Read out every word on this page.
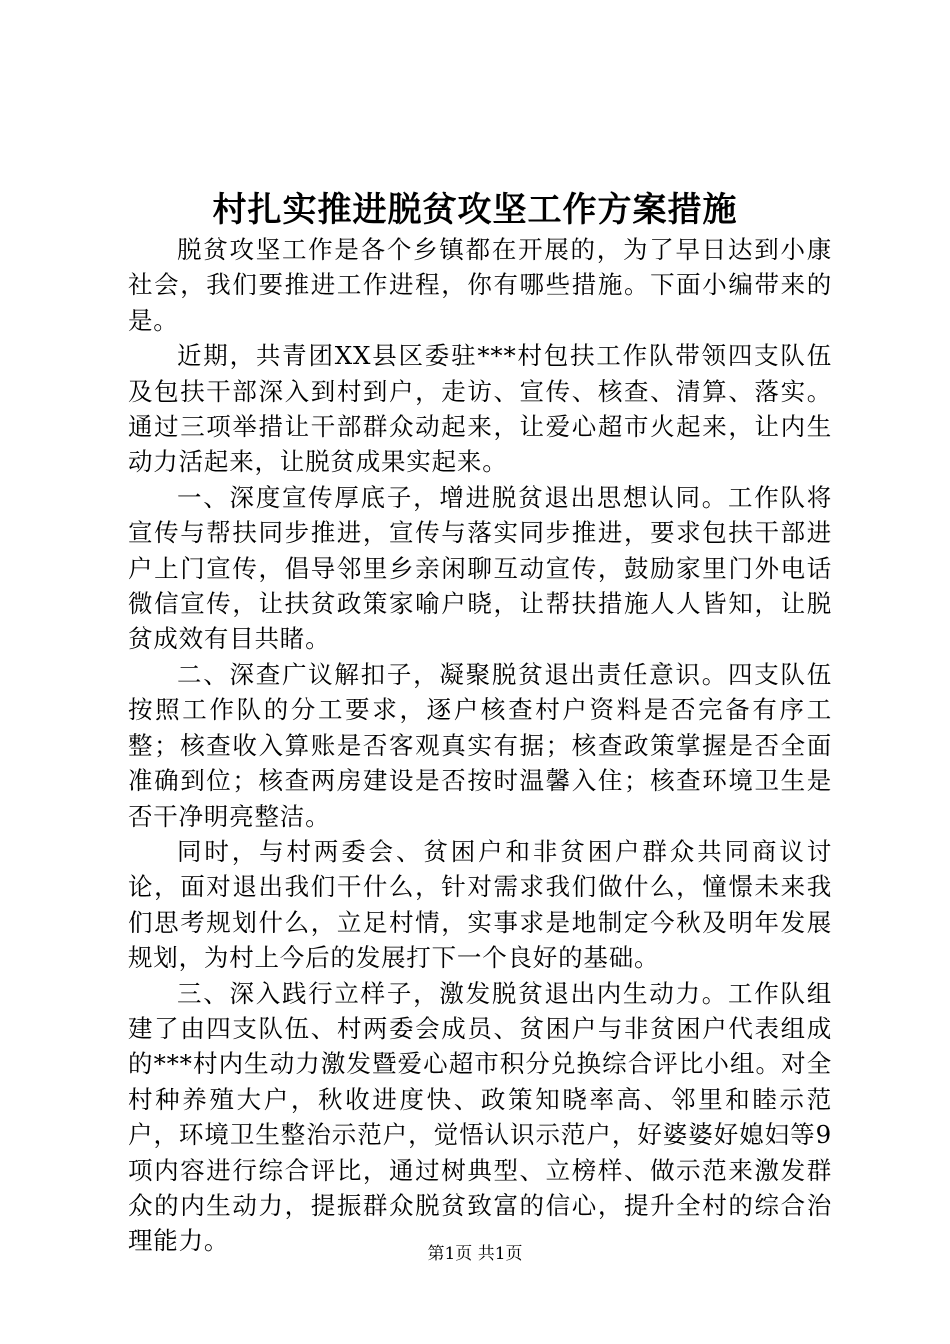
村扎实推进脱贫攻坚工作方案措施

脱贫攻坚工作是各个乡镇都在开展的，为了早日达到小康社会，我们要推进工作进程，你有哪些措施。下面小编带来的是。

近期，共青团XX县区委驻***村包扶工作队带领四支队伍及包扶干部深入到村到户，走访、宣传、核查、清算、落实。通过三项举措让干部群众动起来，让爱心超市火起来，让内生动力活起来，让脱贫成果实起来。

一、深度宣传厚底子，增进脱贫退出思想认同。工作队将宣传与帮扶同步推进，宣传与落实同步推进，要求包扶干部进户上门宣传，倡导邻里乡亲闲聊互动宣传，鼓励家里门外电话微信宣传，让扶贫政策家喻户晓，让帮扶措施人人皆知，让脱贫成效有目共睹。

二、深查广议解扣子，凝聚脱贫退出责任意识。四支队伍按照工作队的分工要求，逐户核查村户资料是否完备有序工整；核查收入算账是否客观真实有据；核查政策掌握是否全面准确到位；核查两房建设是否按时温馨入住；核查环境卫生是否干净明亮整洁。

同时，与村两委会、贫困户和非贫困户群众共同商议讨论，面对退出我们干什么，针对需求我们做什么，憧憬未来我们思考规划什么，立足村情，实事求是地制定今秋及明年发展规划，为村上今后的发展打下一个良好的基础。

三、深入践行立样子，激发脱贫退出内生动力。工作队组建了由四支队伍、村两委会成员、贫困户与非贫困户代表组成的***村内生动力激发暨爱心超市积分兑换综合评比小组。对全村种养殖大户，秋收进度快、政策知晓率高、邻里和睦示范户，环境卫生整治示范户，觉悟认识示范户，好婆婆好媳妇等9项内容进行综合评比，通过树典型、立榜样、做示范来激发群众的内生动力，提振群众脱贫致富的信心，提升全村的综合治理能力。	第1页 共1页
